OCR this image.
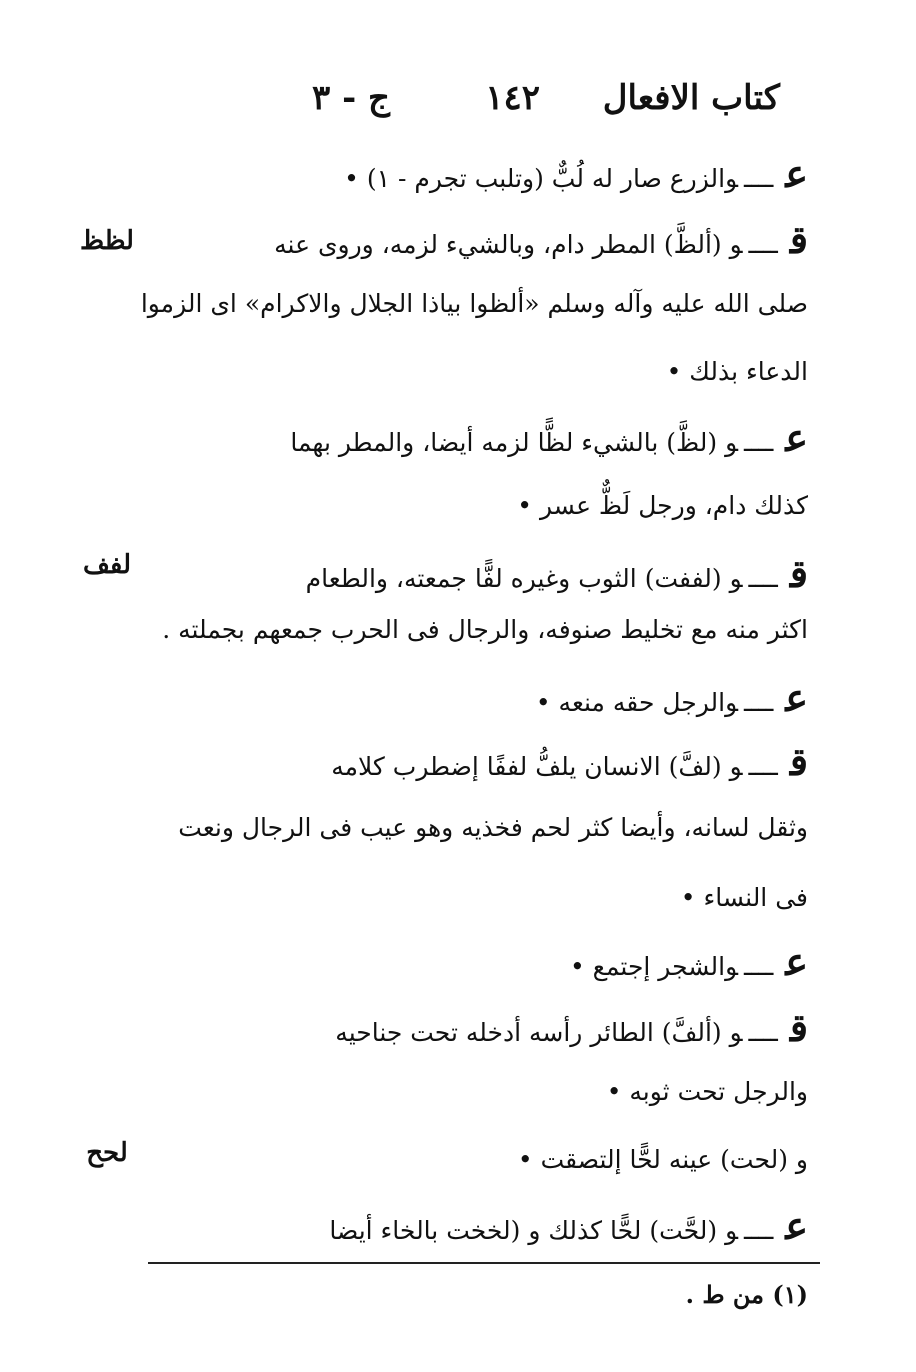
كتاب الافعال
١٤٢
ج - ٣
لظظ
لفف
لحح
عــــوالزرع صار له لُبٌّ (وتلبب تجرم - ١) •
قــــو (ألظَّ) المطر دام، وبالشيء لزمه، وروى عنه
صلى الله عليه وآله وسلم «ألظوا بياذا الجلال والاكرام» اى الزموا
الدعاء بذلك •
عــــو (لظَّ) بالشيء لظًّا لزمه أيضا، والمطر بهما
كذلك دام، ورجل لَظٌّ عسر •
قــــو (لففت) الثوب وغيره لفًّا جمعته، والطعام
اكثر منه مع تخليط صنوفه، والرجال فى الحرب جمعهم بجملته .
عــــوالرجل حقه منعه •
قــــو (لفَّ) الانسان يلفُّ لففًا إضطرب كلامه
وثقل لسانه، وأيضا كثر لحم فخذيه وهو عيب فى الرجال ونعت
فى النساء •
عــــوالشجر إجتمع •
قــــو (ألفَّ) الطائر رأسه أدخله تحت جناحيه
والرجل تحت ثوبه •
و (لحت) عينه لحًّا إلتصقت •
عــــو (لحَّت) لحًّا كذلك و (لخخت بالخاء أيضا
(١) من ط .
